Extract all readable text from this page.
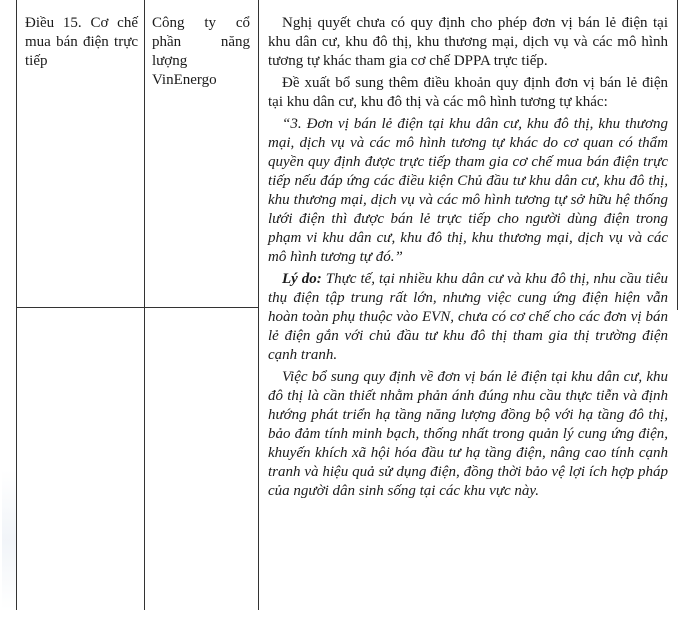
Điều 15. Cơ chế mua bán điện trực tiếp
Công ty cổ
phần năng
lượng
VinEnergo

Nghị quyết chưa có quy định cho phép đơn vị bán lẻ điện tại khu dân cư, khu đô thị, khu thương mại, dịch vụ và các mô hình tương tự khác tham gia cơ chế DPPA trực tiếp.

Đề xuất bổ sung thêm điều khoản quy định đơn vị bán lẻ điện tại khu dân cư, khu đô thị và các mô hình tương tự khác:

“3. Đơn vị bán lẻ điện tại khu dân cư, khu đô thị, khu thương mại, dịch vụ và các mô hình tương tự khác do cơ quan có thẩm quyền quy định được trực tiếp tham gia cơ chế mua bán điện trực tiếp nếu đáp ứng các điều kiện Chủ đầu tư khu dân cư, khu đô thị, khu thương mại, dịch vụ và các mô hình tương tự sở hữu hệ thống lưới điện thì được bán lẻ trực tiếp cho người dùng điện trong phạm vi khu dân cư, khu đô thị, khu thương mại, dịch vụ và các mô hình tương tự đó.”

Lý do: Thực tế, tại nhiều khu dân cư và khu đô thị, nhu cầu tiêu thụ điện tập trung rất lớn, nhưng việc cung ứng điện hiện vẫn hoàn toàn phụ thuộc vào EVN, chưa có cơ chế cho các đơn vị bán lẻ điện gắn với chủ đầu tư khu đô thị tham gia thị trường điện cạnh tranh.

Việc bổ sung quy định về đơn vị bán lẻ điện tại khu dân cư, khu đô thị là cần thiết nhằm phản ánh đúng nhu cầu thực tiễn và định hướng phát triển hạ tầng năng lượng đồng bộ với hạ tầng đô thị, bảo đảm tính minh bạch, thống nhất trong quản lý cung ứng điện, khuyến khích xã hội hóa đầu tư hạ tầng điện, nâng cao tính cạnh tranh và hiệu quả sử dụng điện, đồng thời bảo vệ lợi ích hợp pháp của người dân sinh sống tại các khu vực này.
